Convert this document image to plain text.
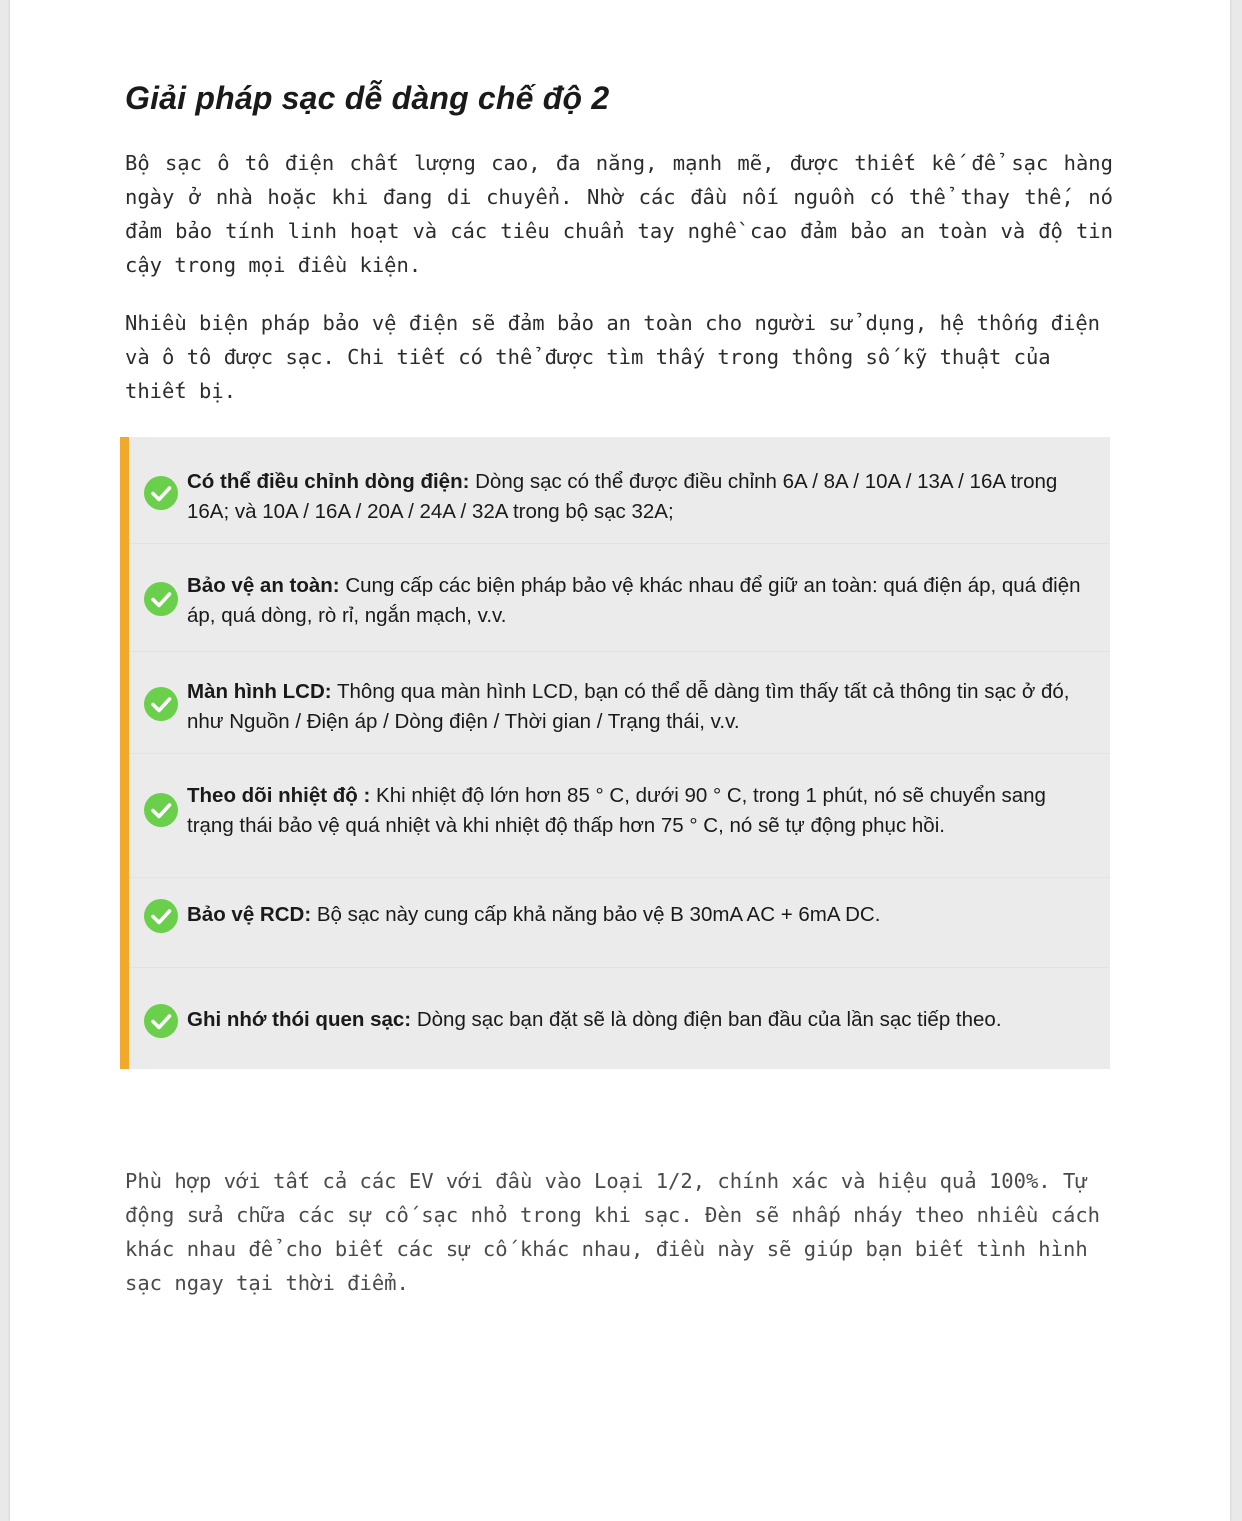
Giải pháp sạc dễ dàng chế độ 2

Bộ sạc ô tô điện chất lượng cao, đa năng, mạnh mẽ, được thiết kế để sạc hàng ngày ở nhà hoặc khi đang di chuyển. Nhờ các đầu nối nguồn có thể thay thế, nó đảm bảo tính linh hoạt và các tiêu chuẩn tay nghề cao đảm bảo an toàn và độ tin cậy trong mọi điều kiện.

Nhiều biện pháp bảo vệ điện sẽ đảm bảo an toàn cho người sử dụng, hệ thống điện và ô tô được sạc. Chi tiết có thể được tìm thấy trong thông số kỹ thuật của thiết bị.

Có thể điều chỉnh dòng điện: Dòng sạc có thể được điều chỉnh 6A / 8A / 10A / 13A / 16A trong 16A; và 10A / 16A / 20A / 24A / 32A trong bộ sạc 32A;

Bảo vệ an toàn: Cung cấp các biện pháp bảo vệ khác nhau để giữ an toàn: quá điện áp, quá điện áp, quá dòng, rò rỉ, ngắn mạch, v.v.

Màn hình LCD: Thông qua màn hình LCD, bạn có thể dễ dàng tìm thấy tất cả thông tin sạc ở đó, như Nguồn / Điện áp / Dòng điện / Thời gian / Trạng thái, v.v.

Theo dõi nhiệt độ : Khi nhiệt độ lớn hơn 85 ° C, dưới 90 ° C, trong 1 phút, nó sẽ chuyển sang trạng thái bảo vệ quá nhiệt và khi nhiệt độ thấp hơn 75 ° C, nó sẽ tự động phục hồi.

Bảo vệ RCD: Bộ sạc này cung cấp khả năng bảo vệ B 30mA AC + 6mA DC.

Ghi nhớ thói quen sạc: Dòng sạc bạn đặt sẽ là dòng điện ban đầu của lần sạc tiếp theo.

Phù hợp với tất cả các EV với đầu vào Loại 1/2, chính xác và hiệu quả 100%. Tự động sửa chữa các sự cố sạc nhỏ trong khi sạc. Đèn sẽ nhấp nháy theo nhiều cách khác nhau để cho biết các sự cố khác nhau, điều này sẽ giúp bạn biết tình hình sạc ngay tại thời điểm.
